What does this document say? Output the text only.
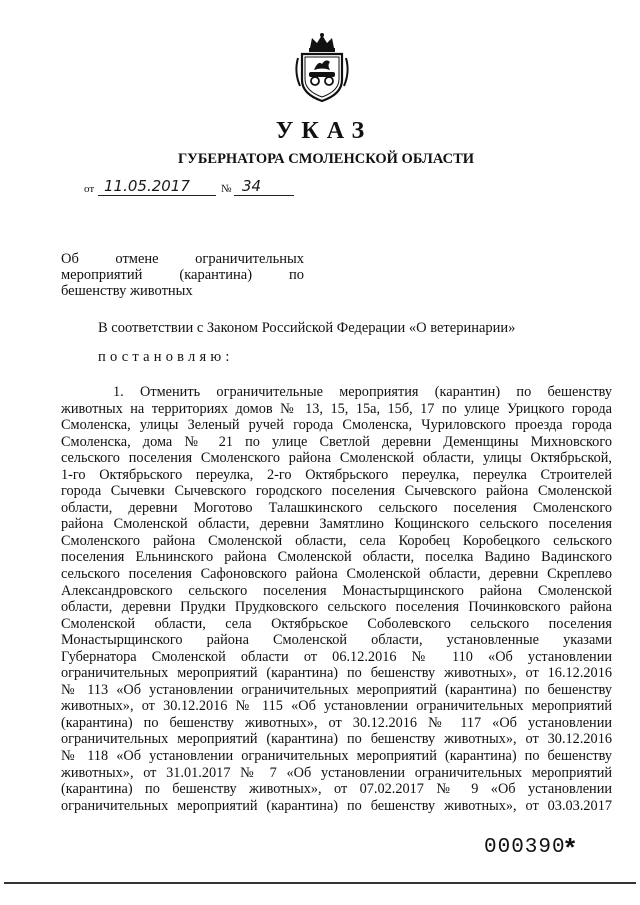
УКАЗ
ГУБЕРНАТОРА СМОЛЕНСКОЙ ОБЛАСТИ
от 11.05.2017	№ 34
Об отмене ограничительных
мероприятий (карантина) по
бешенству животных
В соответствии с Законом Российской Федерации «О ветеринарии»
постановляю:
1. Отменить ограничительные мероприятия (карантин) по бешенству
животных на территориях домов № 13, 15, 15а, 15б, 17 по улице Урицкого города
Смоленска, улицы Зеленый ручей города Смоленска, Чуриловского проезда города
Смоленска, дома № 21 по улице Светлой деревни Деменщины Михновского
сельского поселения Смоленского района Смоленской области, улицы Октябрьской,
1-го Октябрьского переулка, 2-го Октябрьского переулка, переулка Строителей
города Сычевки Сычевского городского поселения Сычевского района Смоленской
области, деревни Моготово Талашкинского сельского поселения Смоленского
района Смоленской области, деревни Замятлино Кощинского сельского поселения
Смоленского района Смоленской области, села Коробец Коробецкого сельского
поселения Ельнинского района Смоленской области, поселка Вадино Вадинского
сельского поселения Сафоновского района Смоленской области, деревни Скреплево
Александровского сельского поселения Монастырщинского района Смоленской
области, деревни Прудки Прудковского сельского поселения Починковского района
Смоленской области, села Октябрьское Соболевского сельского поселения
Монастырщинского района Смоленской области, установленные указами
Губернатора Смоленской области от 06.12.2016 № 110 «Об установлении
ограничительных мероприятий (карантина) по бешенству животных», от 16.12.2016
№ 113 «Об установлении ограничительных мероприятий (карантина) по бешенству
животных», от 30.12.2016 № 115 «Об установлении ограничительных мероприятий
(карантина) по бешенству животных», от 30.12.2016 № 117 «Об установлении
ограничительных мероприятий (карантина) по бешенству животных», от 30.12.2016
№ 118 «Об установлении ограничительных мероприятий (карантина) по бешенству
животных», от 31.01.2017 № 7 «Об установлении ограничительных мероприятий
(карантина) по бешенству животных», от 07.02.2017 № 9 «Об установлении
ограничительных мероприятий (карантина) по бешенству животных», от 03.03.2017
000390 *
